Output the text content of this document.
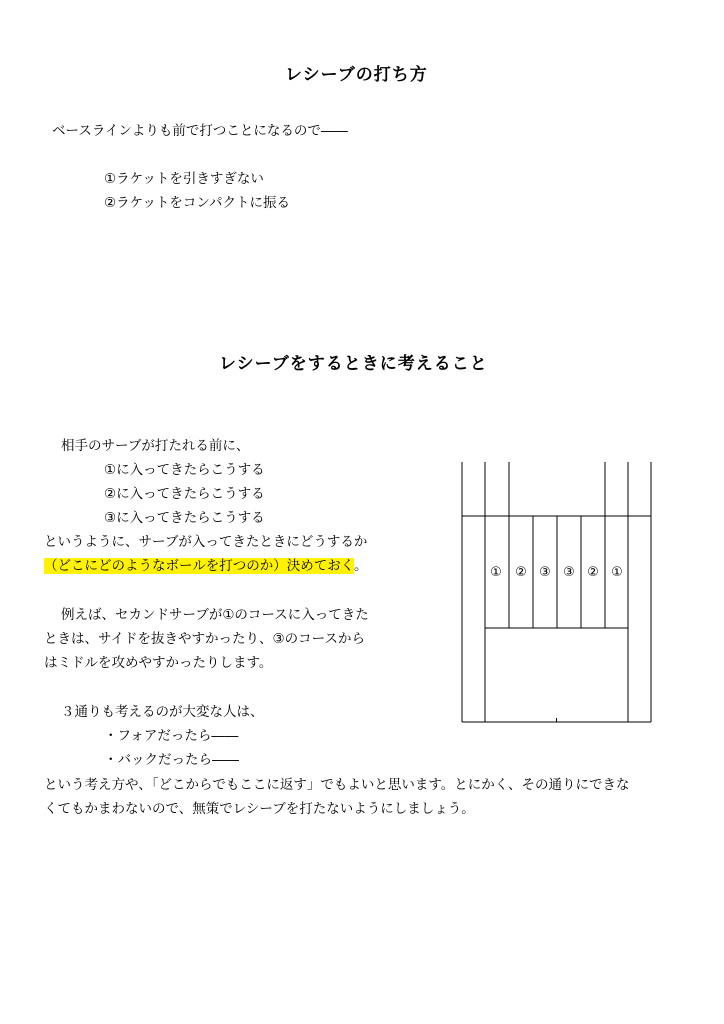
レシーブの打ち方
ベースラインよりも前で打つことになるので――
①ラケットを引きすぎない
②ラケットをコンパクトに振る
レシーブをするときに考えること
相手のサーブが打たれる前に、
①に入ってきたらこうする
②に入ってきたらこうする
③に入ってきたらこうする
というように、サーブが入ってきたときにどうするか
（どこにどのようなボールを打つのか）決めておく。
例えば、セカンドサーブが①のコースに入ってきた
ときは、サイドを抜きやすかったり、③のコースから
はミドルを攻めやすかったりします。
３通りも考えるのが大変な人は、
・フォアだったら――
・バックだったら――
という考え方や、「どこからでもここに返す」でもよいと思います。とにかく、その通りにできな
くてもかまわないので、無策でレシーブを打たないようにしましょう。
① ② ③ ③ ② ①
